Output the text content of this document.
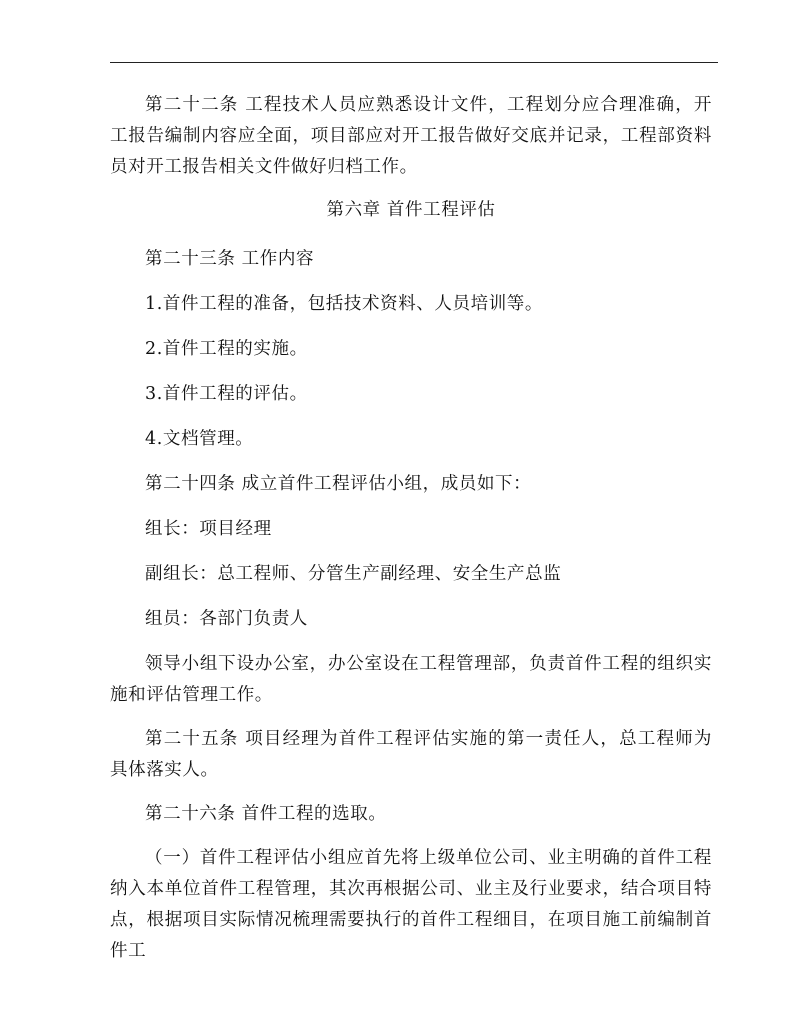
第二十二条 工程技术人员应熟悉设计文件，工程划分应合理准确，开工报告编制内容应全面，项目部应对开工报告做好交底并记录，工程部资料员对开工报告相关文件做好归档工作。

第六章 首件工程评估

第二十三条 工作内容

1.首件工程的准备，包括技术资料、人员培训等。

2.首件工程的实施。

3.首件工程的评估。

4.文档管理。

第二十四条 成立首件工程评估小组，成员如下：

组长：项目经理

副组长：总工程师、分管生产副经理、安全生产总监

组员：各部门负责人

领导小组下设办公室，办公室设在工程管理部，负责首件工程的组织实施和评估管理工作。

第二十五条 项目经理为首件工程评估实施的第一责任人，总工程师为具体落实人。

第二十六条 首件工程的选取。

（一）首件工程评估小组应首先将上级单位公司、业主明确的首件工程纳入本单位首件工程管理，其次再根据公司、业主及行业要求，结合项目特点，根据项目实际情况梳理需要执行的首件工程细目，在项目施工前编制首件工
